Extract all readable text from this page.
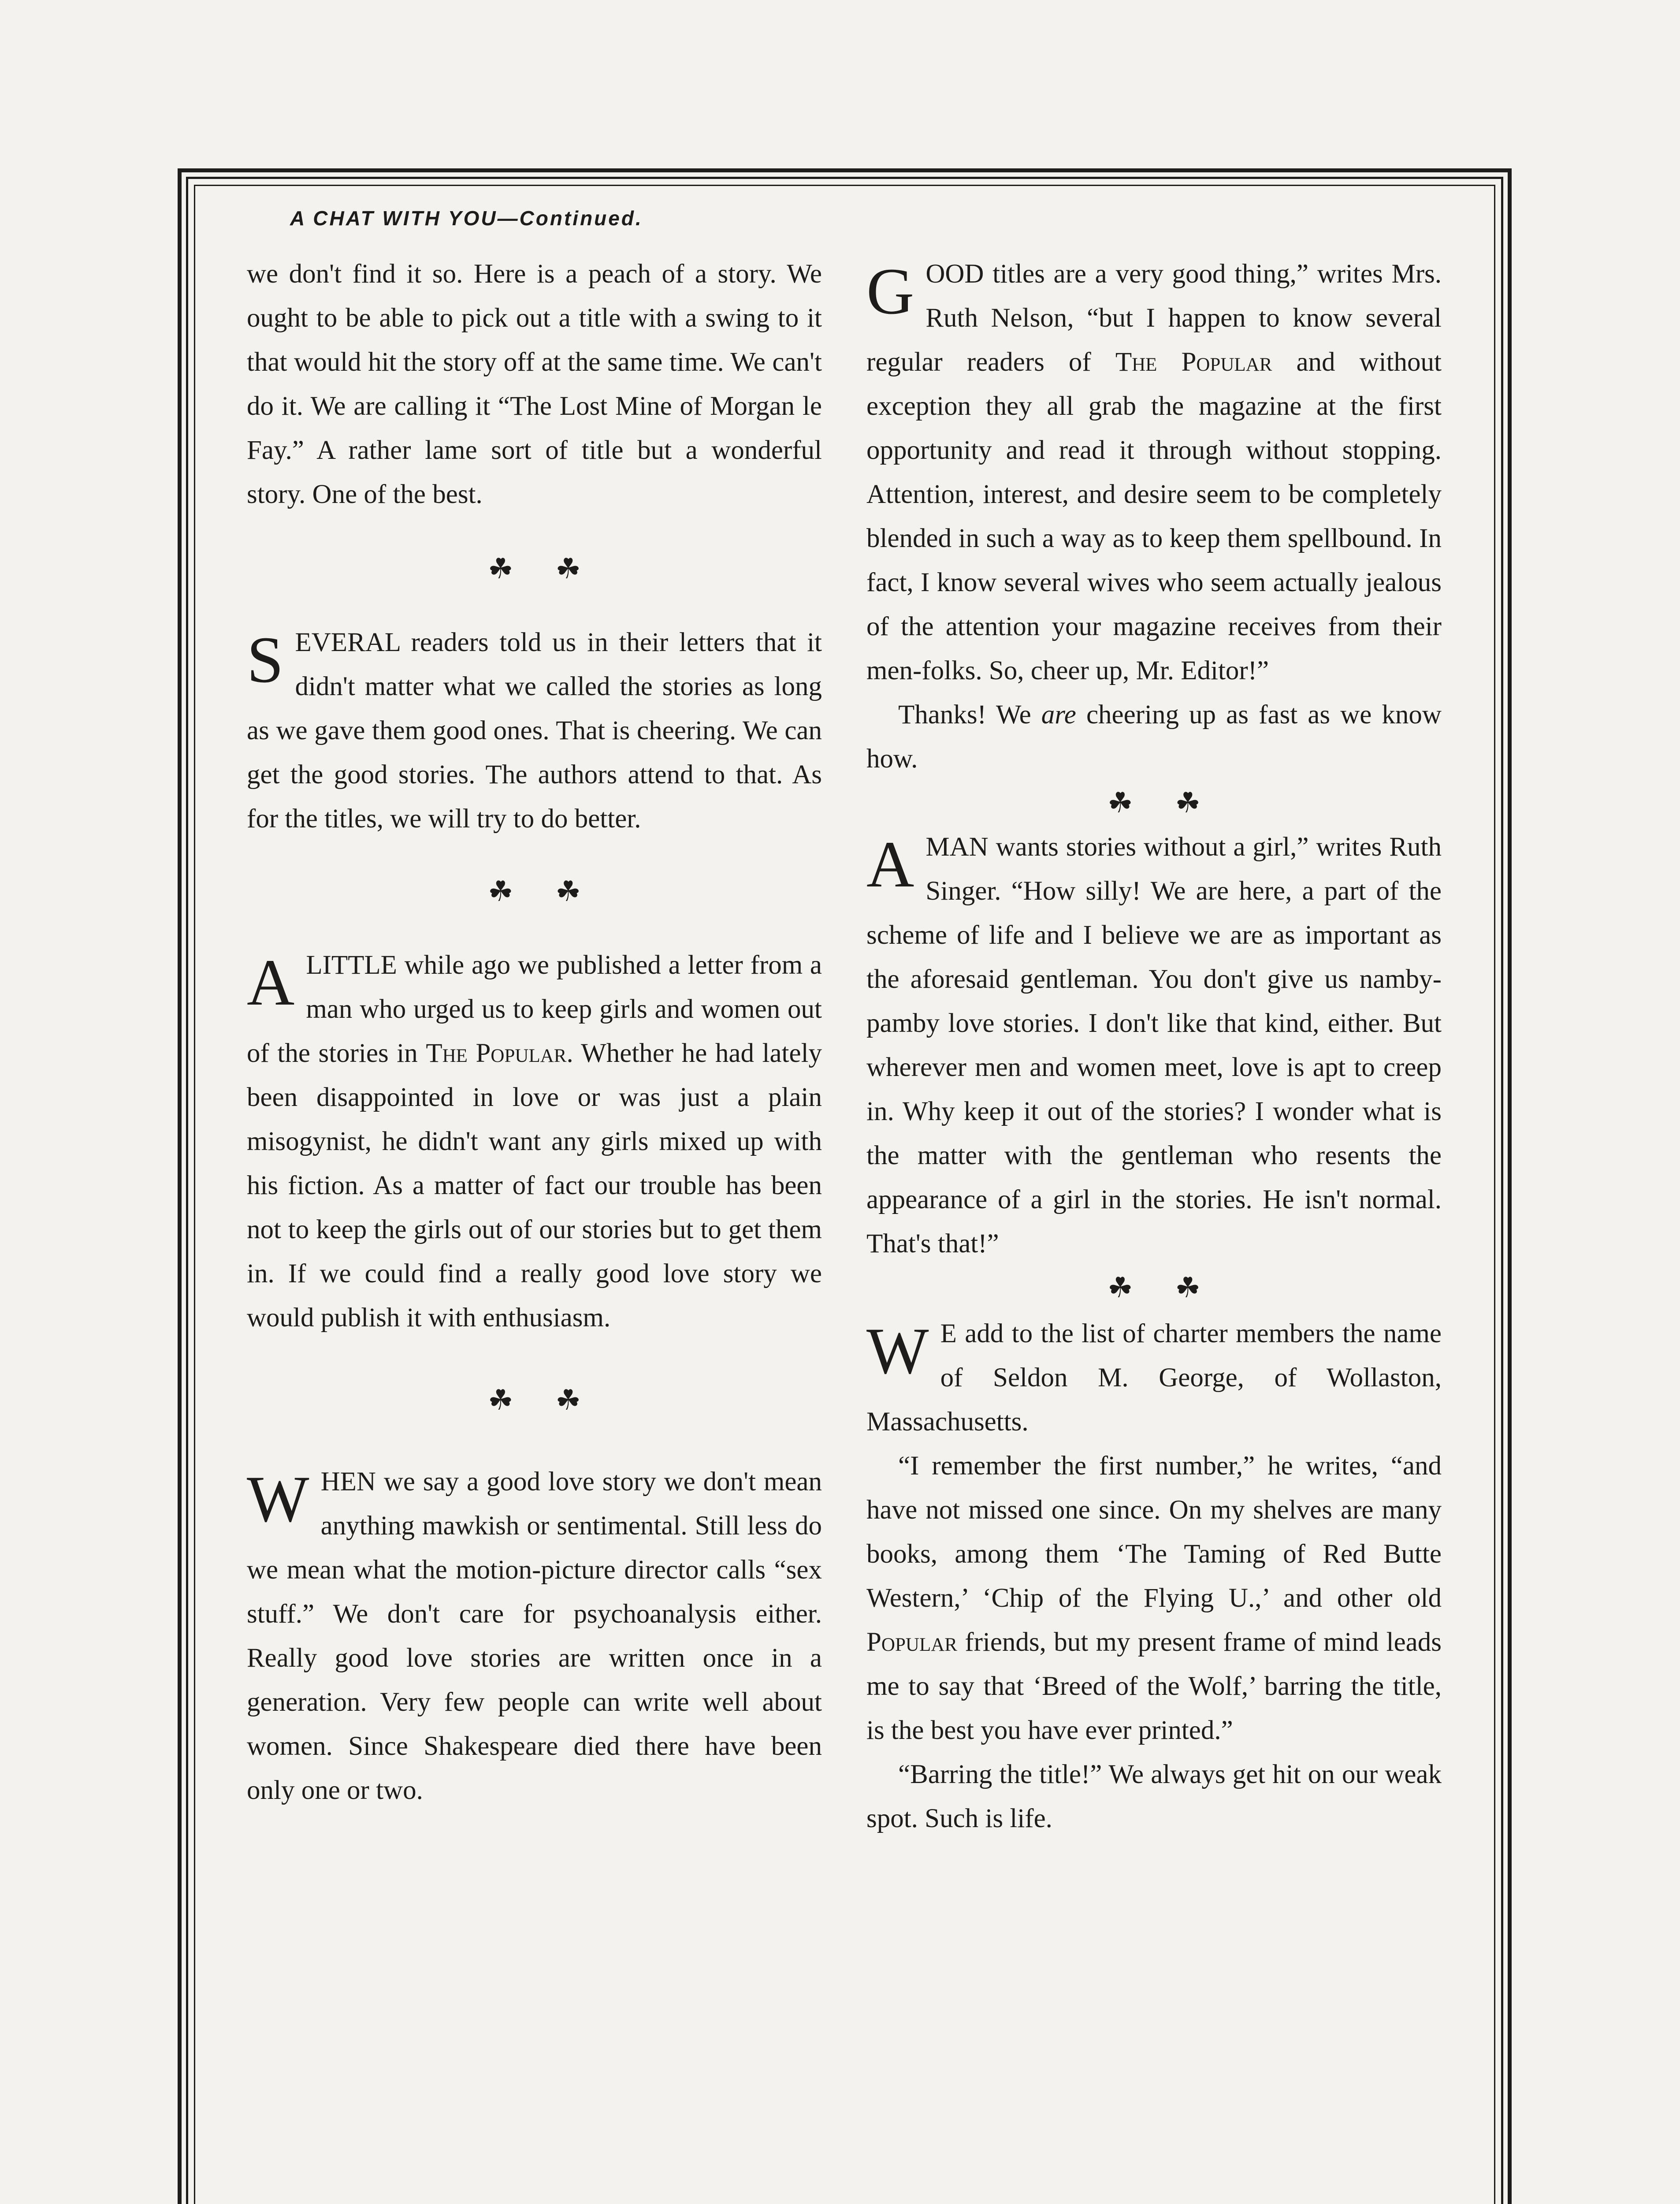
A CHAT WITH YOU—Continued.

we don't find it so. Here is a peach of a story. We ought to be able to pick out a title with a swing to it that would hit the story off at the same time. We can't do it. We are calling it “The Lost Mine of Morgan le Fay.” A rather lame sort of title but a wonderful story. One of the best.

☘ ☘

SEVERAL readers told us in their letters that it didn't matter what we called the stories as long as we gave them good ones. That is cheering. We can get the good stories. The authors attend to that. As for the titles, we will try to do better.

☘ ☘

A LITTLE while ago we published a letter from a man who urged us to keep girls and women out of the stories in The Popular. Whether he had lately been disappointed in love or was just a plain misogynist, he didn't want any girls mixed up with his fiction. As a matter of fact our trouble has been not to keep the girls out of our stories but to get them in. If we could find a really good love story we would publish it with enthusiasm.

☘ ☘

WHEN we say a good love story we don't mean anything mawkish or sentimental. Still less do we mean what the motion-picture director calls “sex stuff.” We don't care for psychoanalysis either. Really good love stories are written once in a generation. Very few people can write well about women. Since Shakespeare died there have been only one or two.

GOOD titles are a very good thing,” writes Mrs. Ruth Nelson, “but I happen to know several regular readers of The Popular and without exception they all grab the magazine at the first opportunity and read it through without stopping. Attention, interest, and desire seem to be completely blended in such a way as to keep them spellbound. In fact, I know several wives who seem actually jealous of the attention your magazine receives from their men-folks. So, cheer up, Mr. Editor!”

Thanks! We are cheering up as fast as we know how.

☘ ☘

A MAN wants stories without a girl,” writes Ruth Singer. “How silly! We are here, a part of the scheme of life and I believe we are as important as the aforesaid gentleman. You don't give us namby-pamby love stories. I don't like that kind, either. But wherever men and women meet, love is apt to creep in. Why keep it out of the stories? I wonder what is the matter with the gentleman who resents the appearance of a girl in the stories. He isn't normal. That's that!”

☘ ☘

W E add to the list of charter members the name of Seldon M. George, of Wollaston, Massachusetts.

“I remember the first number,” he writes, “and have not missed one since. On my shelves are many books, among them ‘The Taming of Red Butte Western,’ ‘Chip of the Flying U.,’ and other old Popular friends, but my present frame of mind leads me to say that ‘Breed of the Wolf,’ barring the title, is the best you have ever printed.”

“Barring the title!” We always get hit on our weak spot. Such is life.
